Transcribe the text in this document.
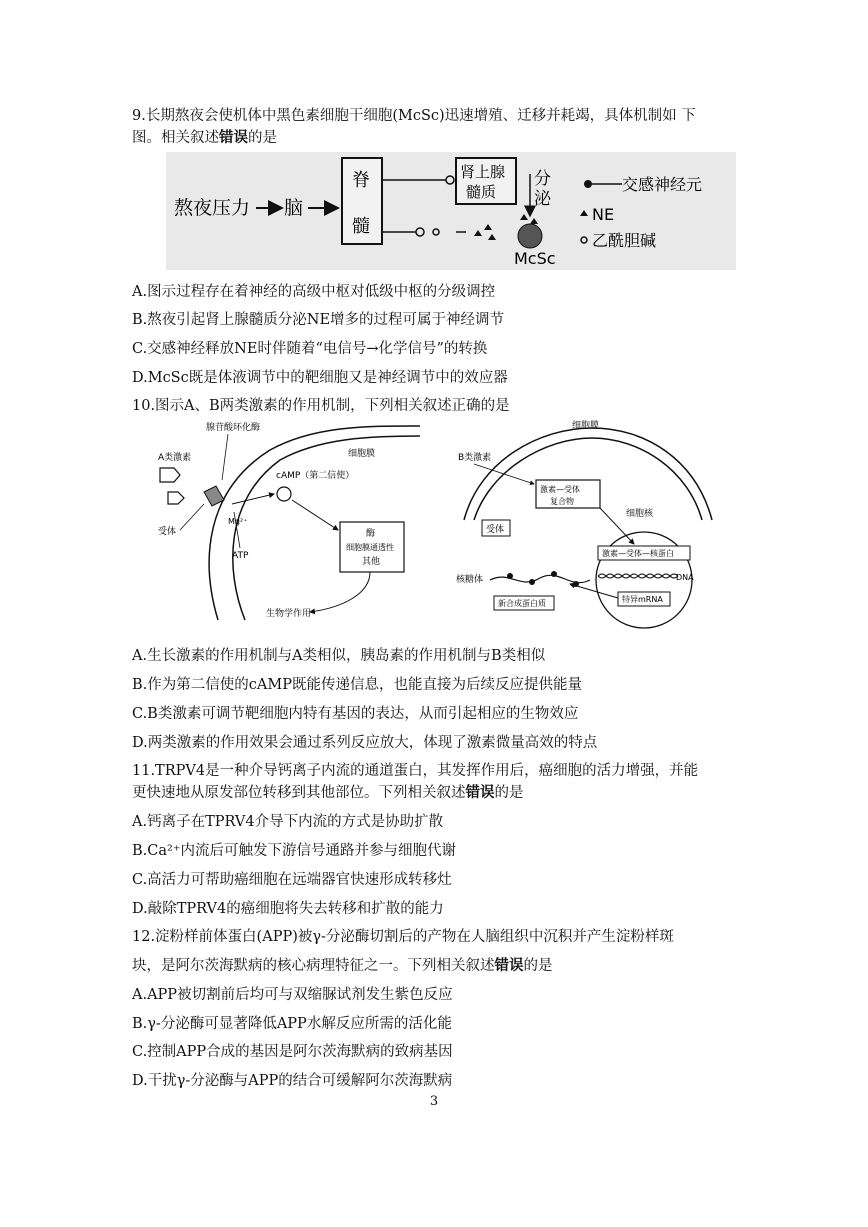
9.长期熬夜会使机体中黑色素细胞干细胞(McSc)迅速增殖、迁移并耗竭，具体机制如 下
图。相关叙述错误的是
熬夜压力 脑
脊
髓
肾上腺
髓质
分
泌
McSc
交感神经元
NE
乙酰胆碱
A.图示过程存在着神经的高级中枢对低级中枢的分级调控
B.熬夜引起肾上腺髓质分泌NE增多的过程可属于神经调节
C.交感神经释放NE时伴随着“电信号→化学信号”的转换
D.McSc既是体液调节中的靶细胞又是神经调节中的效应器
10.图示A、B两类激素的作用机制，下列相关叙述正确的是
腺苷酸环化酶
A类激素	细胞膜
cAMP（第二信使）
Mg²⁺
受体
ATP
酶
细胞膜通透性
其他
生物学作用
细胞膜
B类激素
激素—受体
复合物
受体
细胞核
激素—受体—核蛋白
DNA
特异mRNA
核糖体
新合成蛋白质
A.生长激素的作用机制与A类相似，胰岛素的作用机制与B类相似
B.作为第二信使的cAMP既能传递信息，也能直接为后续反应提供能量
C.B类激素可调节靶细胞内特有基因的表达，从而引起相应的生物效应
D.两类激素的作用效果会通过系列反应放大，体现了激素微量高效的特点
11.TRPV4是一种介导钙离子内流的通道蛋白，其发挥作用后，癌细胞的活力增强，并能
更快速地从原发部位转移到其他部位。下列相关叙述错误的是
A.钙离子在TPRV4介导下内流的方式是协助扩散
B.Ca²⁺内流后可触发下游信号通路并参与细胞代谢
C.高活力可帮助癌细胞在远端器官快速形成转移灶
D.敲除TPRV4的癌细胞将失去转移和扩散的能力
12.淀粉样前体蛋白(APP)被γ-分泌酶切割后的产物在人脑组织中沉积并产生淀粉样斑
块，是阿尔茨海默病的核心病理特征之一。下列相关叙述错误的是
A.APP被切割前后均可与双缩脲试剂发生紫色反应
B.γ-分泌酶可显著降低APP水解反应所需的活化能
C.控制APP合成的基因是阿尔茨海默病的致病基因
D.干扰γ-分泌酶与APP的结合可缓解阿尔茨海默病
3
